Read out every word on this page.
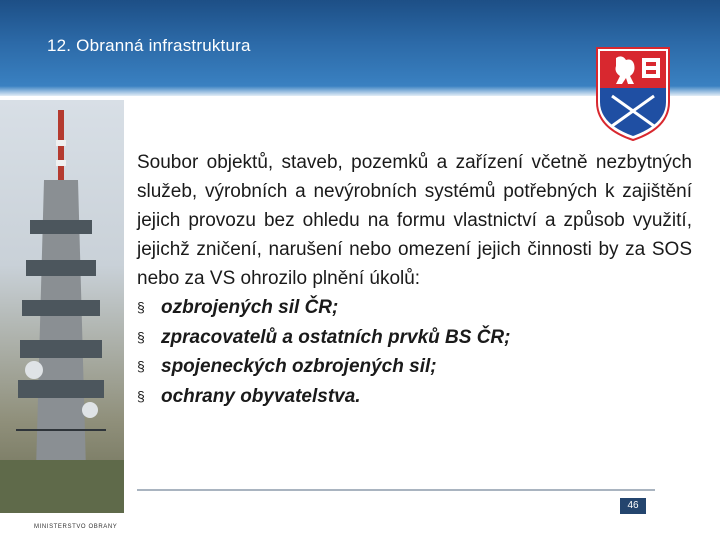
12. Obranná infrastruktura
Soubor objektů, staveb, pozemků a zařízení včetně nezbytných služeb, výrobních a nevýrobních systémů potřebných k zajištění jejich provozu bez ohledu na formu vlastnictví a způsob využití, jejichž zničení, narušení nebo omezení jejich činnosti by za SOS nebo za VS ohrozilo plnění úkolů:
§ ozbrojených sil ČR;
§ zpracovatelů a ostatních prvků BS ČR;
§ spojeneckých ozbrojených sil;
§ ochrany obyvatelstva.
46
MINISTERSTVO OBRANY
